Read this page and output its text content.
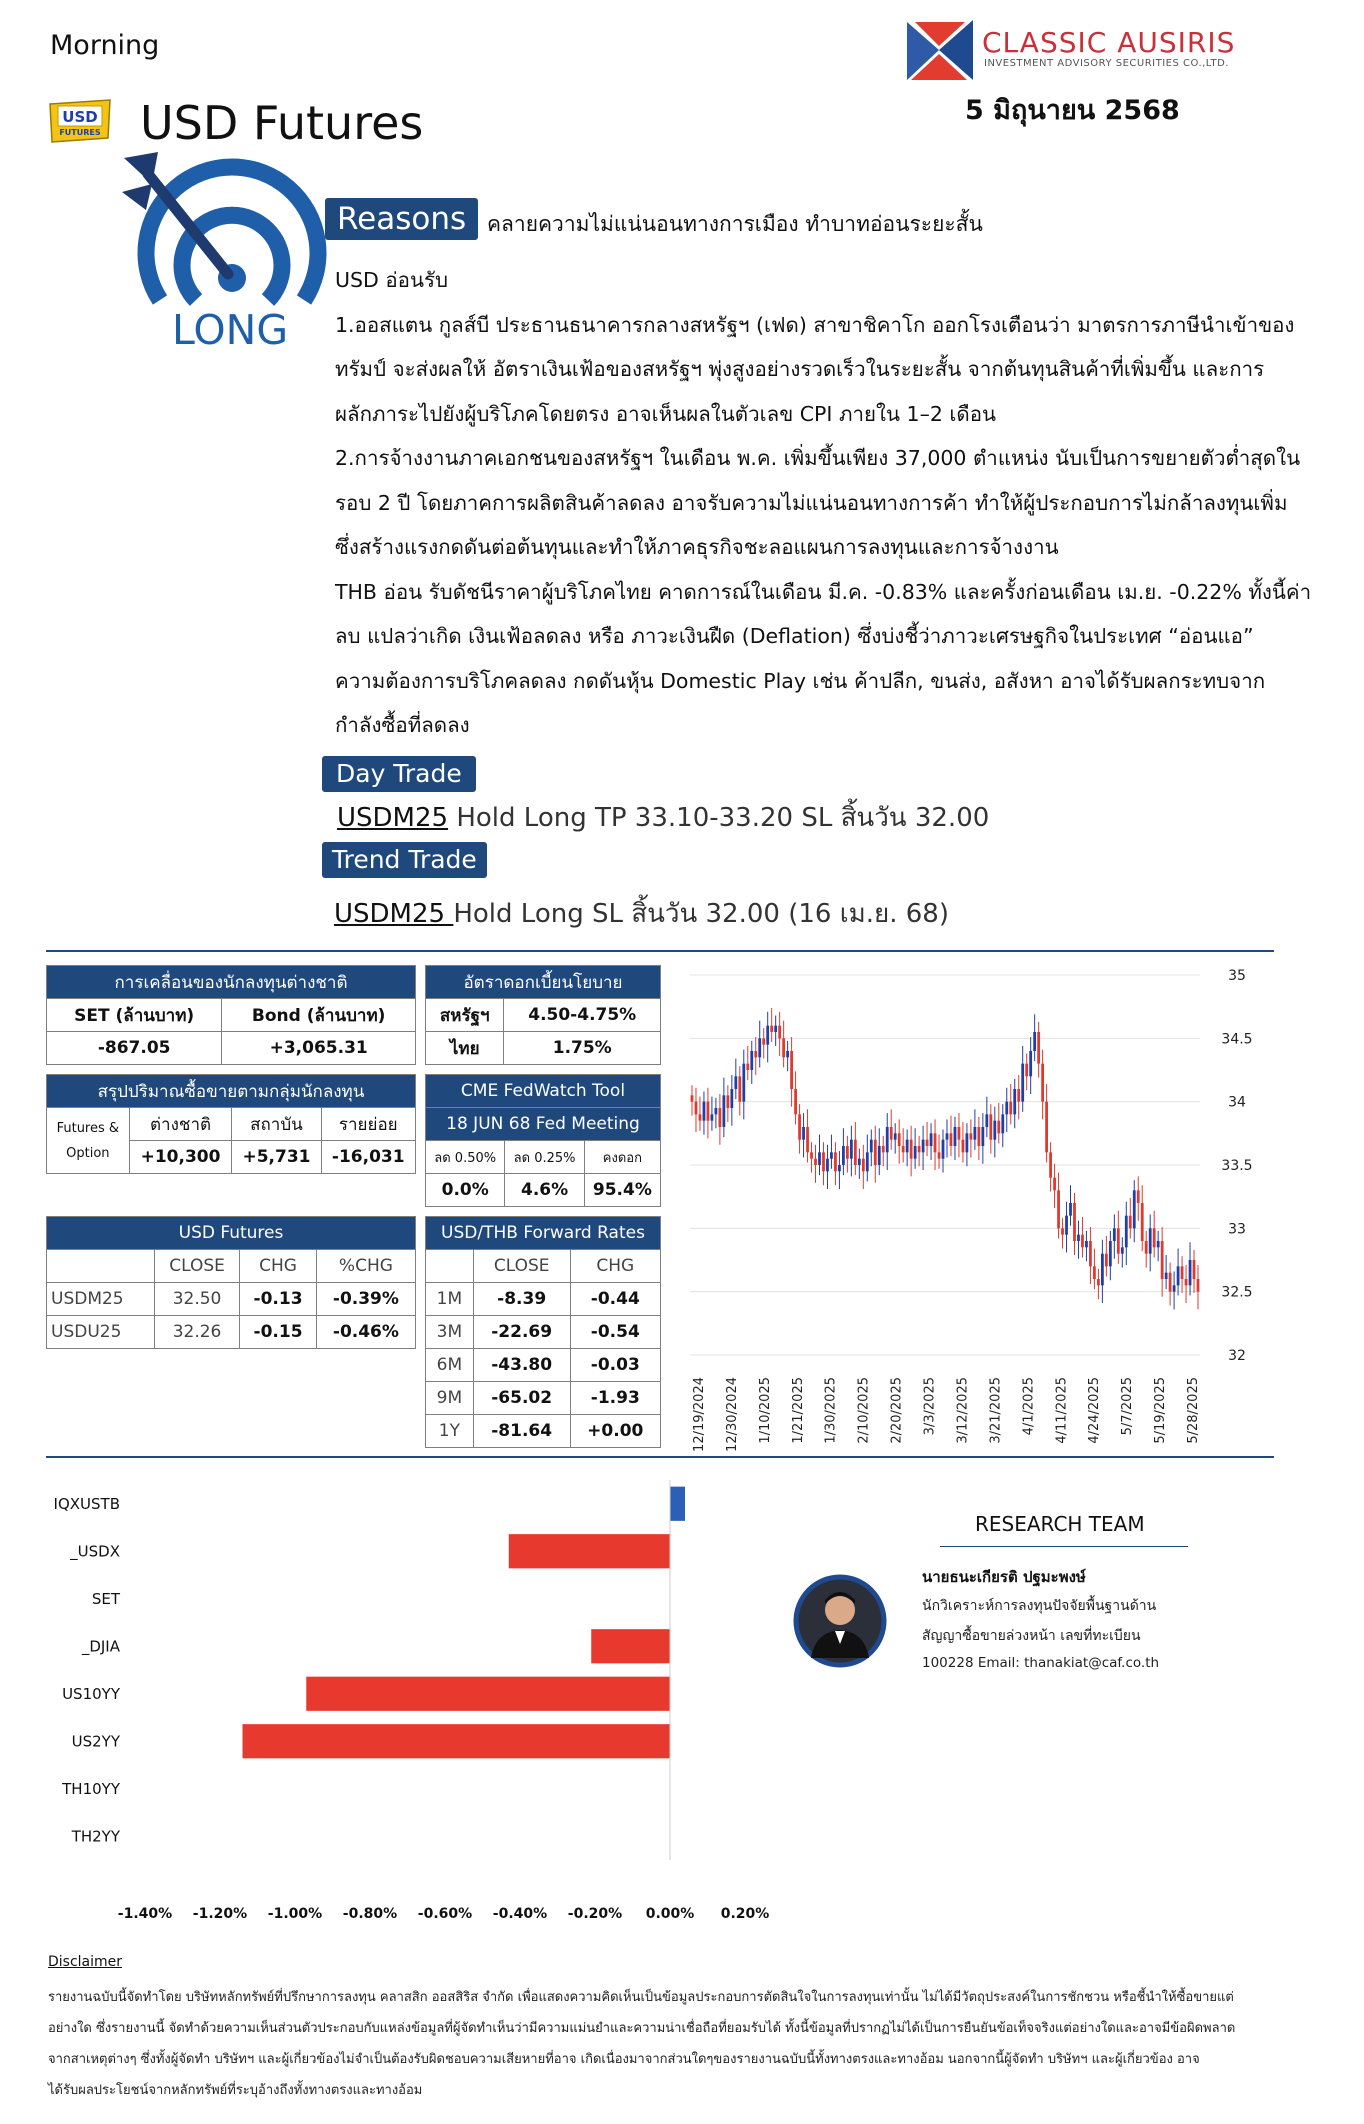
Morning
USD
FUTURES USD Futures
CLASSIC AUSIRIS
INVESTMENT ADVISORY SECURITIES CO.,LTD.
5 มิถุนายน 2568
LONG
Reasons คลายความไม่แน่นอนทางการเมือง ทำบาทอ่อนระยะสั้น

USD อ่อนรับ

1.ออสแตน กูลส์บี ประธานธนาคารกลางสหรัฐฯ (เฟด) สาขาชิคาโก ออกโรงเตือนว่า มาตรการภาษีนำเข้าของ

ทรัมป์ จะส่งผลให้ อัตราเงินเฟ้อของสหรัฐฯ พุ่งสูงอย่างรวดเร็วในระยะสั้น จากต้นทุนสินค้าที่เพิ่มขึ้น และการ

ผลักภาระไปยังผู้บริโภคโดยตรง อาจเห็นผลในตัวเลข CPI ภายใน 1–2 เดือน

2.การจ้างงานภาคเอกชนของสหรัฐฯ ในเดือน พ.ค. เพิ่มขึ้นเพียง 37,000 ตำแหน่ง นับเป็นการขยายตัวต่ำสุดใน

รอบ 2 ปี โดยภาคการผลิตสินค้าลดลง อาจรับความไม่แน่นอนทางการค้า ทำให้ผู้ประกอบการไม่กล้าลงทุนเพิ่ม

ซึ่งสร้างแรงกดดันต่อต้นทุนและทำให้ภาคธุรกิจชะลอแผนการลงทุนและการจ้างงาน

THB อ่อน รับดัชนีราคาผู้บริโภคไทย คาดการณ์ในเดือน มี.ค. -0.83% และครั้งก่อนเดือน เม.ย. -0.22% ทั้งนี้ค่า

ลบ แปลว่าเกิด เงินเฟ้อลดลง หรือ ภาวะเงินฝืด (Deflation) ซึ่งบ่งชี้ว่าภาวะเศรษฐกิจในประเทศ “อ่อนแอ”

ความต้องการบริโภคลดลง กดดันหุ้น Domestic Play เช่น ค้าปลีก, ขนส่ง, อสังหา อาจได้รับผลกระทบจาก

กำลังซื้อที่ลดลง

Day Trade
USDM25 Hold Long TP 33.10-33.20 SL สิ้นวัน 32.00
Trend Trade
USDM25 Hold Long SL สิ้นวัน 32.00 (16 เม.ย. 68)
การเคลื่อนของนักลงทุนต่างชาติ	
SET (ล้านบาท)	Bond (ล้านบาท)
-867.05	+3,065.31
อัตราดอกเบี้ยนโยบาย	
สหรัฐฯ	4.50-4.75%
ไทย	1.75%
สรุปปริมาณซื้อขายตามกลุ่มนักลงทุน			

Futures &
Option	ต่างชาติ	สถาบัน	รายย่อย
	+10,300	+5,731	-16,031
CME FedWatch Tool		
18 JUN 68 Fed Meeting		
ลด 0.50%	ลด 0.25%	คงดอก
0.0%	4.6%	95.4%
USD Futures			
	CLOSE	CHG	%CHG
USDM25	32.50	-0.13	-0.39%
USDU25	32.26	-0.15	-0.46%
USD/THB Forward Rates		
	CLOSE	CHG
1M	-8.39	-0.44
3M	-22.69	-0.54
6M	-43.80	-0.03
9M	-65.02	-1.93
1Y	-81.64	+0.00
35
34.5
34
33.5
33
32.5
32
12/19/2024 12/30/2024 1/10/2025 1/21/2025 1/30/2025 2/10/2025 2/20/2025 3/3/2025 3/12/2025 3/21/2025 4/1/2025 4/11/2025 4/24/2025 5/7/2025 5/19/2025 5/28/2025
IQXUSTB
_USDX
SET
_DJIA
US10YY
US2YY
TH10YY
TH2YY
-1.40% -1.20% -1.00% -0.80% -0.60% -0.40% -0.20% 0.00% 0.20%
RESEARCH TEAM
นายธนะเกียรติ ปฐมะพงษ์
นักวิเคราะห์การลงทุนปัจจัยพื้นฐานด้าน
สัญญาซื้อขายล่วงหน้า เลขที่ทะเบียน
100228 Email: thanakiat@caf.co.th
Disclaimer
รายงานฉบับนี้จัดทำโดย บริษัทหลักทรัพย์ที่ปรึกษาการลงทุน คลาสสิก ออสสิริส จำกัด เพื่อแสดงความคิดเห็นเป็นข้อมูลประกอบการตัดสินใจในการลงทุนเท่านั้น ไม่ได้มีวัตถุประสงค์ในการชักชวน หรือชี้นำให้ซื้อขายแต่
อย่างใด ซึ่งรายงานนี้ จัดทำด้วยความเห็นส่วนตัวประกอบกับแหล่งข้อมูลที่ผู้จัดทำเห็นว่ามีความแม่นยำและความน่าเชื่อถือที่ยอมรับได้ ทั้งนี้ข้อมูลที่ปรากฏไม่ได้เป็นการยืนยันข้อเท็จจริงแต่อย่างใดและอาจมีข้อผิดพลาด
จากสาเหตุต่างๆ ซึ่งทั้งผู้จัดทำ บริษัทฯ และผู้เกี่ยวข้องไม่จำเป็นต้องรับผิดชอบความเสียหายที่อาจ เกิดเนื่องมาจากส่วนใดๆของรายงานฉบับนี้ทั้งทางตรงและทางอ้อม นอกจากนี้ผู้จัดทำ บริษัทฯ และผู้เกี่ยวข้อง อาจ
ได้รับผลประโยชน์จากหลักทรัพย์ที่ระบุอ้างถึงทั้งทางตรงและทางอ้อม
